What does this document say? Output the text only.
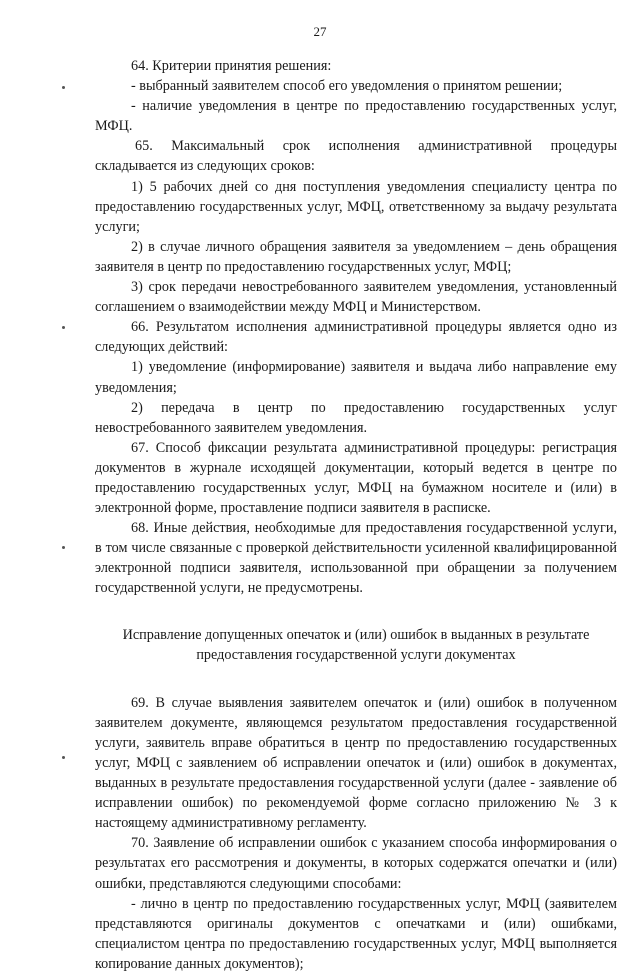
27

64. Критерии принятия решения:

- выбранный заявителем способ его уведомления о принятом решении;

- наличие уведомления в центре по предоставлению государственных услуг, МФЦ.

65. Максимальный срок исполнения административной процедуры складывается из следующих сроков:

1) 5 рабочих дней со дня поступления уведомления специалисту центра по предоставлению государственных услуг, МФЦ, ответственному за выдачу результата услуги;

2) в случае личного обращения заявителя за уведомлением – день обращения заявителя в центр по предоставлению государственных услуг, МФЦ;

3) срок передачи невостребованного заявителем уведомления, установленный соглашением о взаимодействии между МФЦ и Министерством.

66. Результатом исполнения административной процедуры является одно из следующих действий:

1) уведомление (информирование) заявителя и выдача либо направление ему уведомления;

2) передача в центр по предоставлению государственных услуг невостребованного заявителем уведомления.

67. Способ фиксации результата административной процедуры: регистрация документов в журнале исходящей документации, который ведется в центре по предоставлению государственных услуг, МФЦ на бумажном носителе и (или) в электронной форме, проставление подписи заявителя в расписке.

68. Иные действия, необходимые для предоставления государственной услуги, в том числе связанные с проверкой действительности усиленной квалифицированной электронной подписи заявителя, использованной при обращении за получением государственной услуги, не предусмотрены.

Исправление допущенных опечаток и (или) ошибок в выданных в результате предоставления государственной услуги документах

69. В случае выявления заявителем опечаток и (или) ошибок в полученном заявителем документе, являющемся результатом предоставления государственной услуги, заявитель вправе обратиться в центр по предоставлению государственных услуг, МФЦ с заявлением об исправлении опечаток и (или) ошибок в документах, выданных в результате предоставления государственной услуги (далее - заявление об исправлении ошибок) по рекомендуемой форме согласно приложению № 3 к настоящему административному регламенту.

70. Заявление об исправлении ошибок с указанием способа информирования о результатах его рассмотрения и документы, в которых содержатся опечатки и (или) ошибки, представляются следующими способами:

- лично в центр по предоставлению государственных услуг, МФЦ (заявителем представляются оригиналы документов с опечатками и (или) ошибками, специалистом центра по предоставлению государственных услуг, МФЦ выполняется копирование данных документов);
